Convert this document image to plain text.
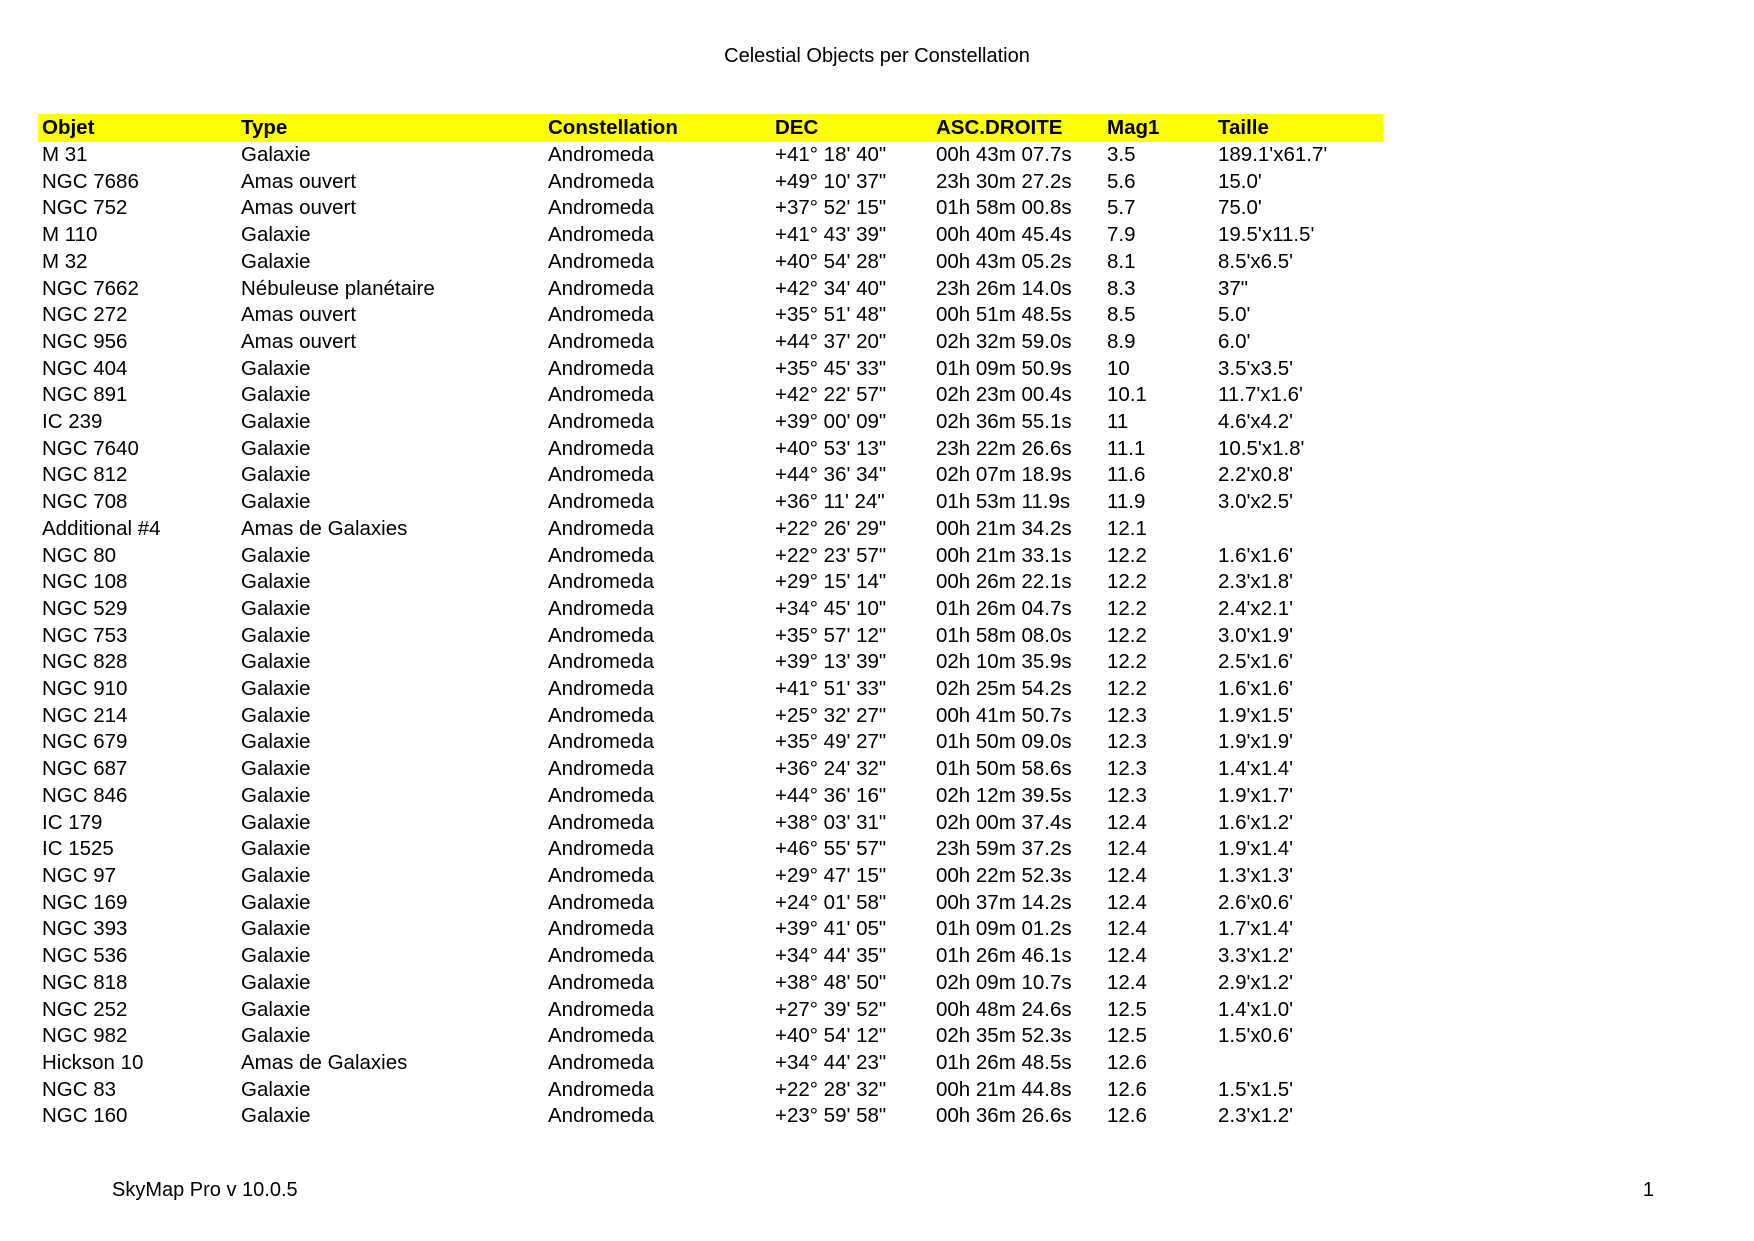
Celestial Objects per Constellation
Objet	Type	Constellation	DEC	ASC.DROITE	Mag1	Taille
M 31	Galaxie	Andromeda	+41° 18' 40"	00h 43m 07.7s	3.5	189.1'x61.7'
NGC 7686	Amas ouvert	Andromeda	+49° 10' 37"	23h 30m 27.2s	5.6	15.0'
NGC 752	Amas ouvert	Andromeda	+37° 52' 15"	01h 58m 00.8s	5.7	75.0'
M 110	Galaxie	Andromeda	+41° 43' 39"	00h 40m 45.4s	7.9	19.5'x11.5'
M 32	Galaxie	Andromeda	+40° 54' 28"	00h 43m 05.2s	8.1	8.5'x6.5'
NGC 7662	Nébuleuse planétaire	Andromeda	+42° 34' 40"	23h 26m 14.0s	8.3	37"
NGC 272	Amas ouvert	Andromeda	+35° 51' 48"	00h 51m 48.5s	8.5	5.0'
NGC 956	Amas ouvert	Andromeda	+44° 37' 20"	02h 32m 59.0s	8.9	6.0'
NGC 404	Galaxie	Andromeda	+35° 45' 33"	01h 09m 50.9s	10	3.5'x3.5'
NGC 891	Galaxie	Andromeda	+42° 22' 57"	02h 23m 00.4s	10.1	11.7'x1.6'
IC 239	Galaxie	Andromeda	+39° 00' 09"	02h 36m 55.1s	11	4.6'x4.2'
NGC 7640	Galaxie	Andromeda	+40° 53' 13"	23h 22m 26.6s	11.1	10.5'x1.8'
NGC 812	Galaxie	Andromeda	+44° 36' 34"	02h 07m 18.9s	11.6	2.2'x0.8'
NGC 708	Galaxie	Andromeda	+36° 11' 24"	01h 53m 11.9s	11.9	3.0'x2.5'
Additional #4	Amas de Galaxies	Andromeda	+22° 26' 29"	00h 21m 34.2s	12.1	
NGC 80	Galaxie	Andromeda	+22° 23' 57"	00h 21m 33.1s	12.2	1.6'x1.6'
NGC 108	Galaxie	Andromeda	+29° 15' 14"	00h 26m 22.1s	12.2	2.3'x1.8'
NGC 529	Galaxie	Andromeda	+34° 45' 10"	01h 26m 04.7s	12.2	2.4'x2.1'
NGC 753	Galaxie	Andromeda	+35° 57' 12"	01h 58m 08.0s	12.2	3.0'x1.9'
NGC 828	Galaxie	Andromeda	+39° 13' 39"	02h 10m 35.9s	12.2	2.5'x1.6'
NGC 910	Galaxie	Andromeda	+41° 51' 33"	02h 25m 54.2s	12.2	1.6'x1.6'
NGC 214	Galaxie	Andromeda	+25° 32' 27"	00h 41m 50.7s	12.3	1.9'x1.5'
NGC 679	Galaxie	Andromeda	+35° 49' 27"	01h 50m 09.0s	12.3	1.9'x1.9'
NGC 687	Galaxie	Andromeda	+36° 24' 32"	01h 50m 58.6s	12.3	1.4'x1.4'
NGC 846	Galaxie	Andromeda	+44° 36' 16"	02h 12m 39.5s	12.3	1.9'x1.7'
IC 179	Galaxie	Andromeda	+38° 03' 31"	02h 00m 37.4s	12.4	1.6'x1.2'
IC 1525	Galaxie	Andromeda	+46° 55' 57"	23h 59m 37.2s	12.4	1.9'x1.4'
NGC 97	Galaxie	Andromeda	+29° 47' 15"	00h 22m 52.3s	12.4	1.3'x1.3'
NGC 169	Galaxie	Andromeda	+24° 01' 58"	00h 37m 14.2s	12.4	2.6'x0.6'
NGC 393	Galaxie	Andromeda	+39° 41' 05"	01h 09m 01.2s	12.4	1.7'x1.4'
NGC 536	Galaxie	Andromeda	+34° 44' 35"	01h 26m 46.1s	12.4	3.3'x1.2'
NGC 818	Galaxie	Andromeda	+38° 48' 50"	02h 09m 10.7s	12.4	2.9'x1.2'
NGC 252	Galaxie	Andromeda	+27° 39' 52"	00h 48m 24.6s	12.5	1.4'x1.0'
NGC 982	Galaxie	Andromeda	+40° 54' 12"	02h 35m 52.3s	12.5	1.5'x0.6'
Hickson 10	Amas de Galaxies	Andromeda	+34° 44' 23"	01h 26m 48.5s	12.6	
NGC 83	Galaxie	Andromeda	+22° 28' 32"	00h 21m 44.8s	12.6	1.5'x1.5'
NGC 160	Galaxie	Andromeda	+23° 59' 58"	00h 36m 26.6s	12.6	2.3'x1.2'
SkyMap Pro v 10.0.5	1
